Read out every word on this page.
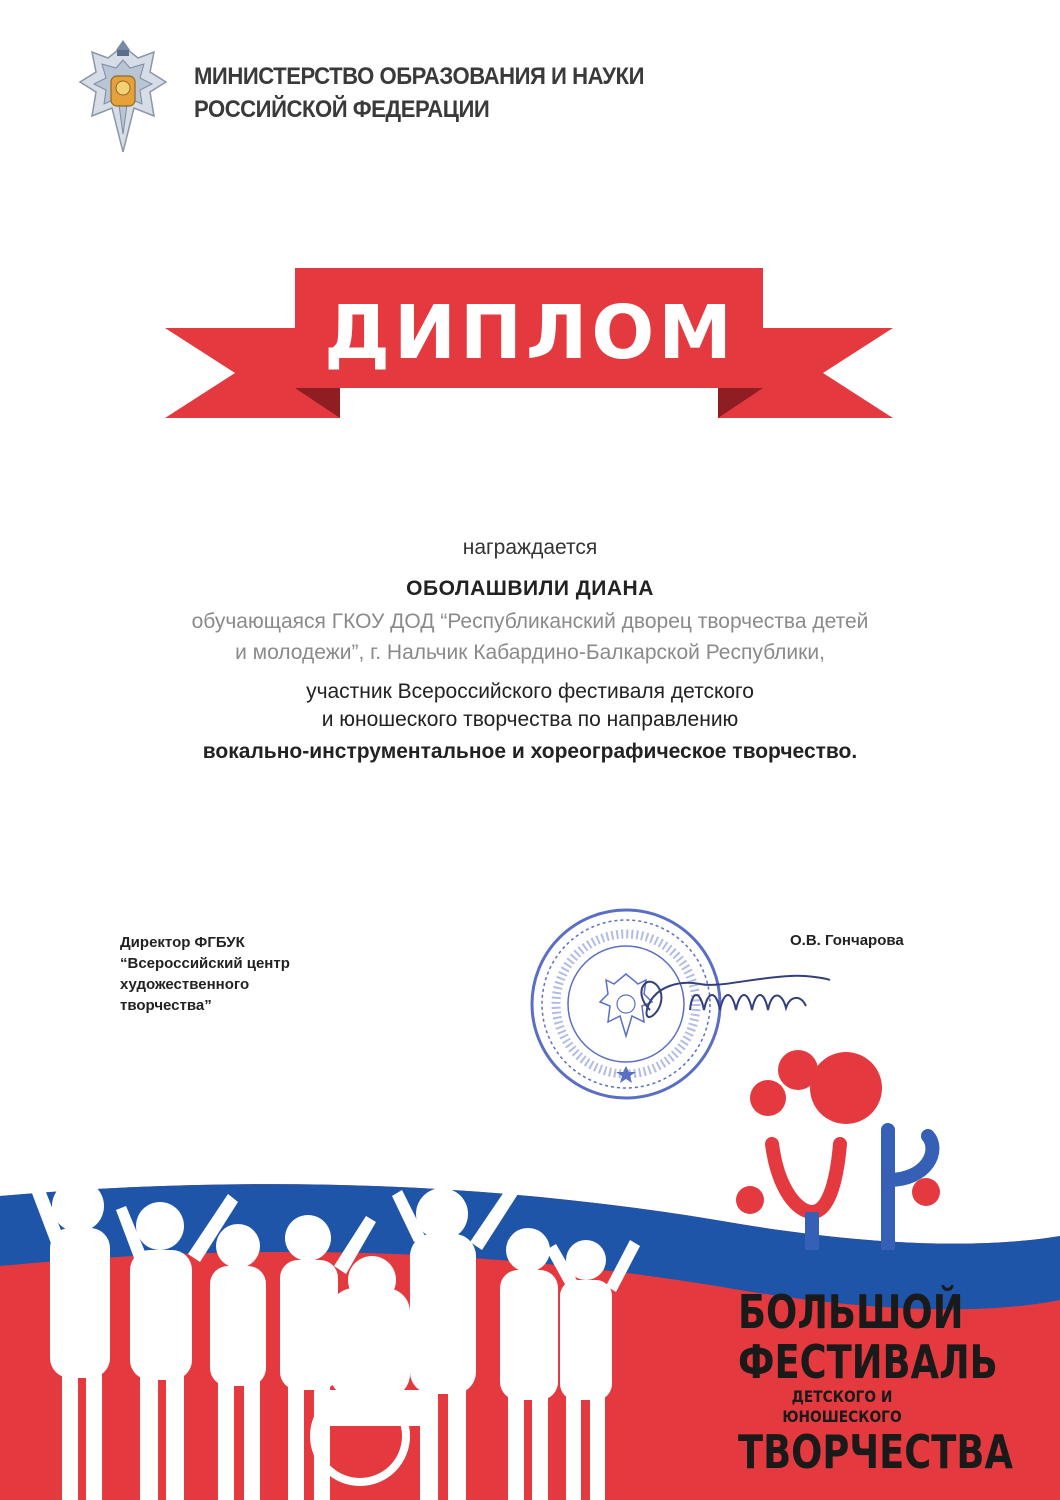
МИНИСТЕРСТВО ОБРАЗОВАНИЯ И НАУКИ
РОССИЙСКОЙ ФЕДЕРАЦИИ
ДИПЛОМ
награждается
ОБОЛАШВИЛИ ДИАНА
обучающаяся ГКОУ ДОД “Республиканский дворец творчества детей
и молодежи”, г. Нальчик Кабардино-Балкарской Республики,
участник Всероссийского фестиваля детского
и юношеского творчества по направлению
вокально-инструментальное и хореографическое творчество.
Директор ФГБУК
“Всероссийский центр
художественного
творчества”
О.В. Гончарова
БОЛЬШОЙ
ФЕСТИВАЛЬ
ДЕТСКОГО И ЮНОШЕСКОГО
ТВОРЧЕСТВА
